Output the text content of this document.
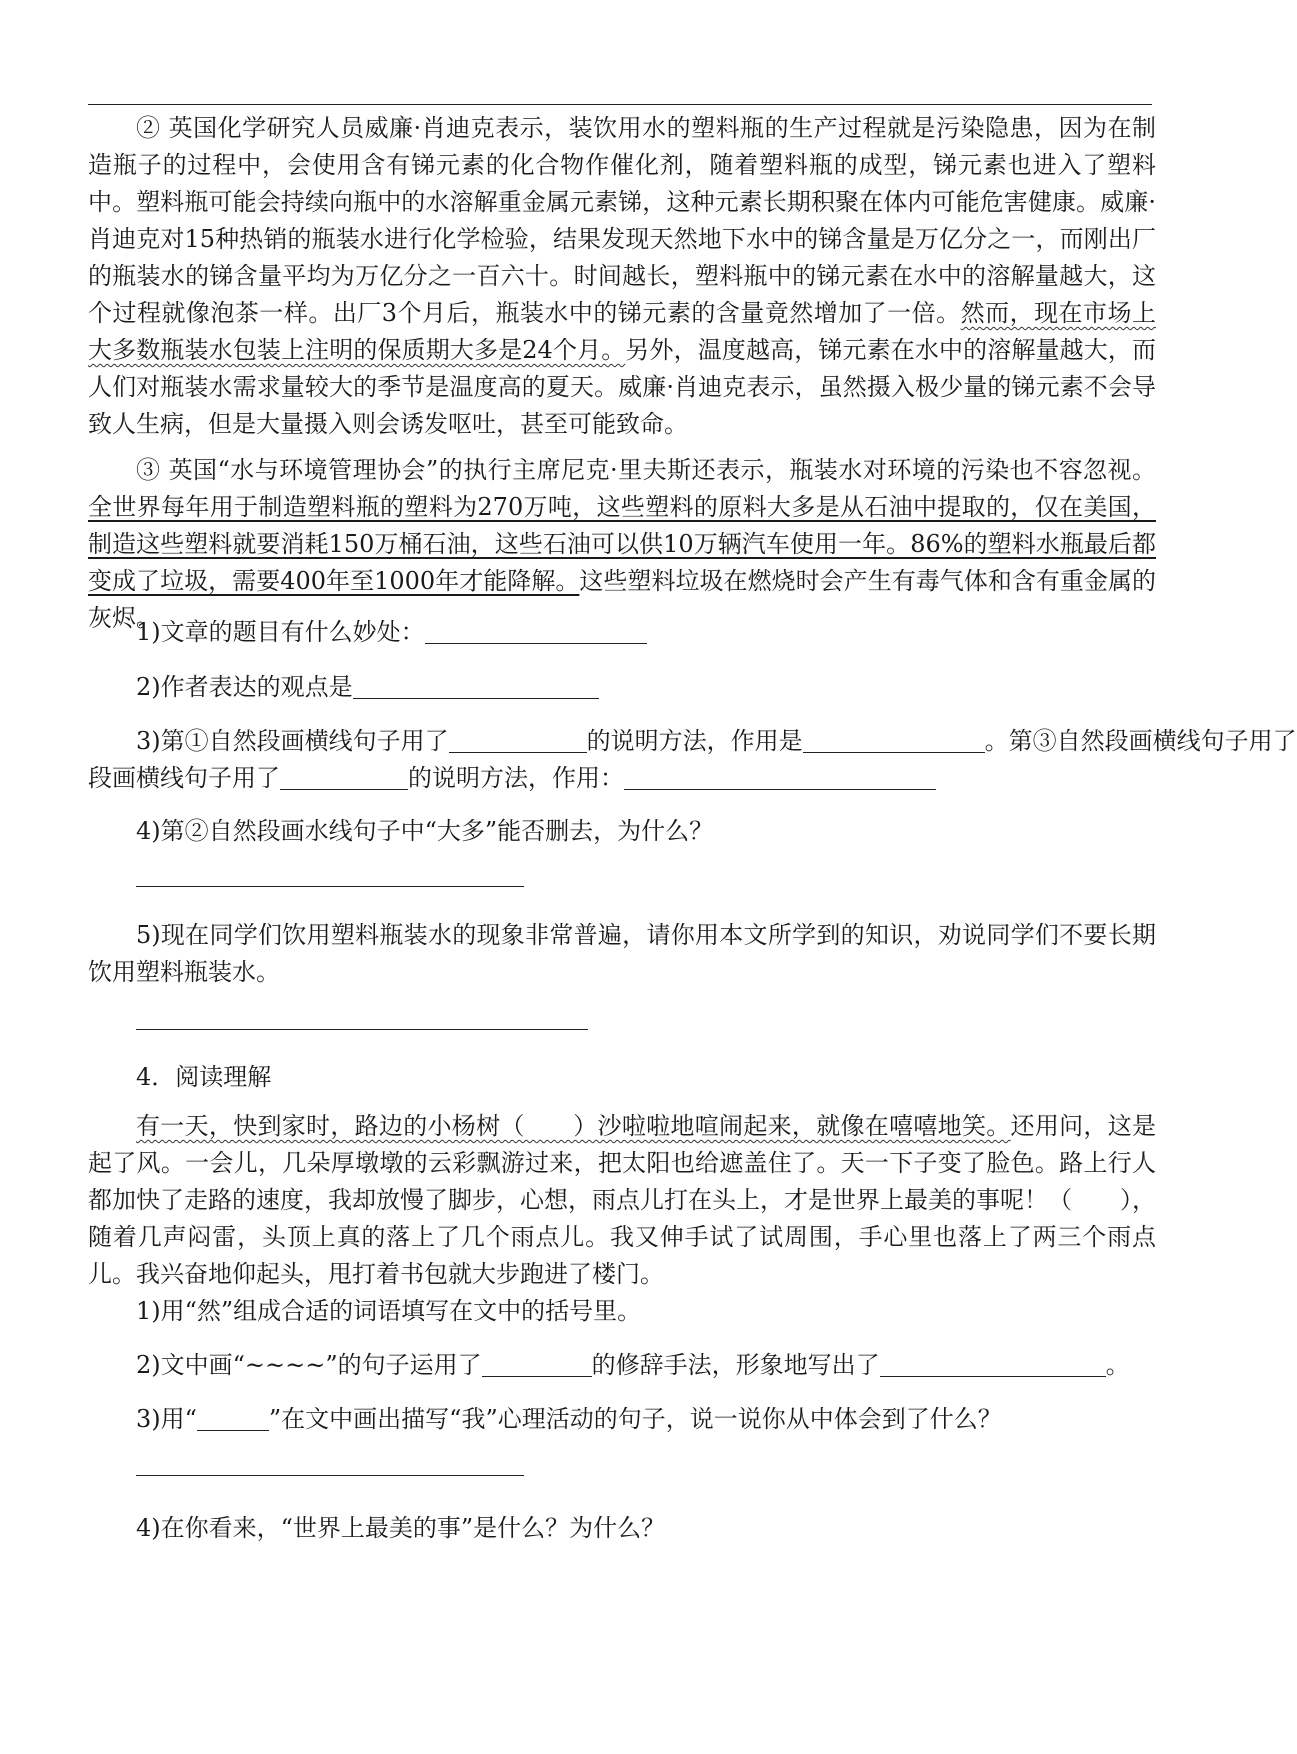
② 英国化学研究人员威廉·肖迪克表示，装饮用水的塑料瓶的生产过程就是污染隐患，因为在制造瓶子的过程中，会使用含有锑元素的化合物作催化剂，随着塑料瓶的成型，锑元素也进入了塑料中。塑料瓶可能会持续向瓶中的水溶解重金属元素锑，这种元素长期积聚在体内可能危害健康。威廉·肖迪克对15种热销的瓶装水进行化学检验，结果发现天然地下水中的锑含量是万亿分之一，而刚出厂的瓶装水的锑含量平均为万亿分之一百六十。时间越长，塑料瓶中的锑元素在水中的溶解量越大，这个过程就像泡茶一样。出厂3个月后，瓶装水中的锑元素的含量竟然增加了一倍。然而，现在市场上大多数瓶装水包装上注明的保质期大多是24个月。另外，温度越高，锑元素在水中的溶解量越大，而人们对瓶装水需求量较大的季节是温度高的夏天。威廉·肖迪克表示，虽然摄入极少量的锑元素不会导致人生病，但是大量摄入则会诱发呕吐，甚至可能致命。

③ 英国“水与环境管理协会”的执行主席尼克·里夫斯还表示，瓶装水对环境的污染也不容忽视。全世界每年用于制造塑料瓶的塑料为270万吨，这些塑料的原料大多是从石油中提取的，仅在美国，制造这些塑料就要消耗150万桶石油，这些石油可以供10万辆汽车使用一年。86%的塑料水瓶最后都变成了垃圾，需要400年至1000年才能降解。这些塑料垃圾在燃烧时会产生有毒气体和含有重金属的灰烬。

1)文章的题目有什么妙处：
2)作者表达的观点是
3)第①自然段画横线句子用了	的说明方法，作用是	。第③自然段画横线句子用了
段画横线句子用了	的说明方法，作用：
4)第②自然段画水线句子中“大多”能否删去，为什么？

5)现在同学们饮用塑料瓶装水的现象非常普遍，请你用本文所学到的知识，劝说同学们不要长期饮用塑料瓶装水。

4．阅读理解

有一天，快到家时，路边的小杨树（　　）沙啦啦地喧闹起来，就像在嘻嘻地笑。还用问，这是起了风。一会儿，几朵厚墩墩的云彩飘游过来，把太阳也给遮盖住了。天一下子变了脸色。路上行人都加快了走路的速度，我却放慢了脚步，心想，雨点儿打在头上，才是世界上最美的事呢！（　　），随着几声闷雷，头顶上真的落上了几个雨点儿。我又伸手试了试周围，手心里也落上了两三个雨点儿。我兴奋地仰起头，甩打着书包就大步跑进了楼门。

1)用“然”组成合适的词语填写在文中的括号里。
2)文中画“~~~~”的句子运用了	的修辞手法，形象地写出了	。
3)用“	”在文中画出描写“我”心理活动的句子，说一说你从中体会到了什么？
4)在你看来，“世界上最美的事”是什么？为什么？
